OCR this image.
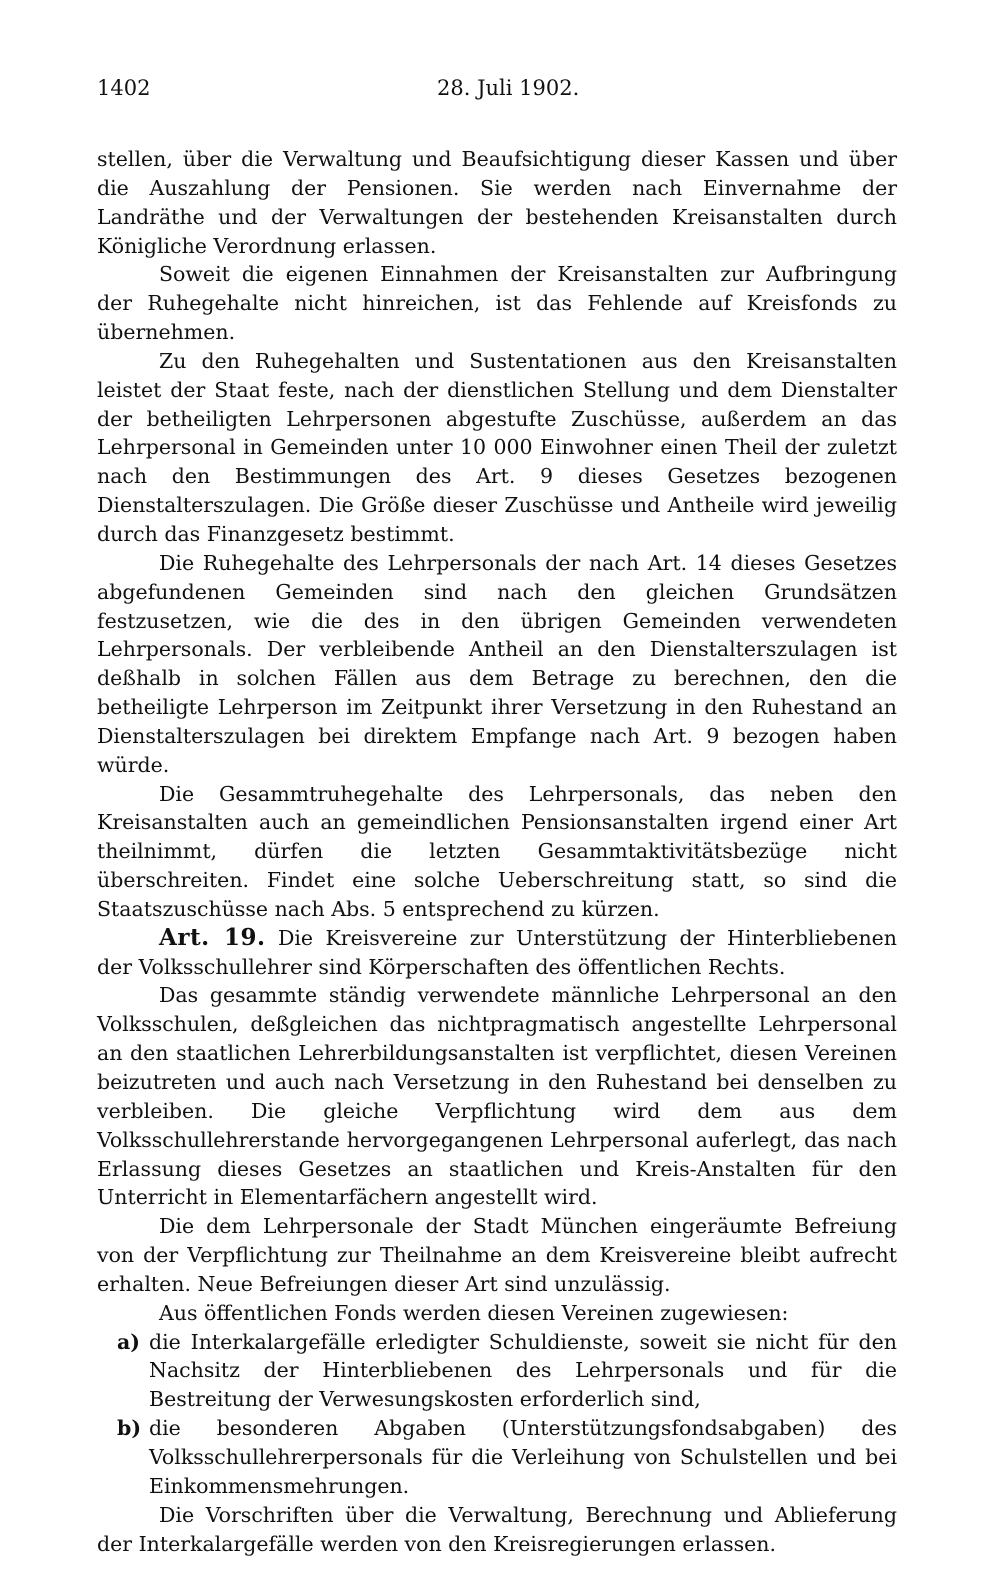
1402	28. Juli 1902.

stellen, über die Verwaltung und Beaufsichtigung dieser Kassen und über die Auszahlung der Pensionen. Sie werden nach Einvernahme der Landräthe und der Verwaltungen der bestehenden Kreisanstalten durch Königliche Verordnung erlassen.

Soweit die eigenen Einnahmen der Kreisanstalten zur Aufbringung der Ruhegehalte nicht hinreichen, ist das Fehlende auf Kreisfonds zu übernehmen.

Zu den Ruhegehalten und Sustentationen aus den Kreisanstalten leistet der Staat feste, nach der dienstlichen Stellung und dem Dienstalter der betheiligten Lehrpersonen abgestufte Zuschüsse, außerdem an das Lehrpersonal in Gemeinden unter 10 000 Einwohner einen Theil der zuletzt nach den Bestimmungen des Art. 9 dieses Gesetzes bezogenen Dienstalterszulagen. Die Größe dieser Zuschüsse und Antheile wird jeweilig durch das Finanzgesetz bestimmt.

Die Ruhegehalte des Lehrpersonals der nach Art. 14 dieses Gesetzes abgefundenen Gemeinden sind nach den gleichen Grundsätzen festzusetzen, wie die des in den übrigen Gemeinden verwendeten Lehrpersonals. Der verbleibende Antheil an den Dienstalterszulagen ist deßhalb in solchen Fällen aus dem Betrage zu berechnen, den die betheiligte Lehrperson im Zeitpunkt ihrer Versetzung in den Ruhestand an Dienstalterszulagen bei direktem Empfange nach Art. 9 bezogen haben würde.

Die Gesammtruhegehalte des Lehrpersonals, das neben den Kreisanstalten auch an gemeindlichen Pensionsanstalten irgend einer Art theilnimmt, dürfen die letzten Gesammtaktivitätsbezüge nicht überschreiten. Findet eine solche Ueberschreitung statt, so sind die Staatszuschüsse nach Abs. 5 entsprechend zu kürzen.

Art. 19. Die Kreisvereine zur Unterstützung der Hinterbliebenen der Volksschullehrer sind Körperschaften des öffentlichen Rechts.

Das gesammte ständig verwendete männliche Lehrpersonal an den Volksschulen, deßgleichen das nichtpragmatisch angestellte Lehrpersonal an den staatlichen Lehrerbildungsanstalten ist verpflichtet, diesen Vereinen beizutreten und auch nach Versetzung in den Ruhestand bei denselben zu verbleiben. Die gleiche Verpflichtung wird dem aus dem Volksschullehrerstande hervorgegangenen Lehrpersonal auferlegt, das nach Erlassung dieses Gesetzes an staatlichen und Kreis-Anstalten für den Unterricht in Elementarfächern angestellt wird.

Die dem Lehrpersonale der Stadt München eingeräumte Befreiung von der Verpflichtung zur Theilnahme an dem Kreisvereine bleibt aufrecht erhalten. Neue Befreiungen dieser Art sind unzulässig.

Aus öffentlichen Fonds werden diesen Vereinen zugewiesen:

a) die Interkalargefälle erledigter Schuldienste, soweit sie nicht für den Nachsitz der Hinterbliebenen des Lehrpersonals und für die Bestreitung der Verwesungskosten erforderlich sind,
b) die besonderen Abgaben (Unterstützungsfondsabgaben) des Volksschullehrerpersonals für die Verleihung von Schulstellen und bei Einkommensmehrungen.

Die Vorschriften über die Verwaltung, Berechnung und Ablieferung der Interkalargefälle werden von den Kreisregierungen erlassen.
